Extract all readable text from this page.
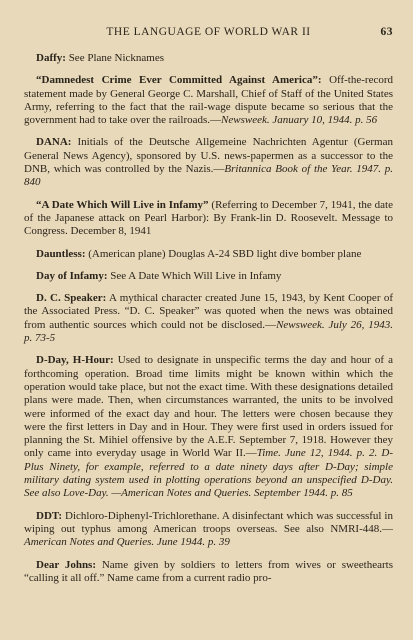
THE LANGUAGE OF WORLD WAR II	63

Daffy: See Plane Nicknames

“Damnedest Crime Ever Committed Against America”: Off-the-record statement made by General George C. Marshall, Chief of Staff of the United States Army, referring to the fact that the rail-wage dispute became so serious that the government had to take over the railroads.—Newsweek. January 10, 1944. p. 56

DANA: Initials of the Deutsche Allgemeine Nachrichten Agentur (German General News Agency), sponsored by U.S. news-papermen as a successor to the DNB, which was controlled by the Nazis.—Britannica Book of the Year. 1947. p. 840

“A Date Which Will Live in Infamy” (Referring to December 7, 1941, the date of the Japanese attack on Pearl Harbor): By Frank-lin D. Roosevelt. Message to Congress. December 8, 1941

Dauntless: (American plane) Douglas A-24 SBD light dive bomber plane

Day of Infamy: See A Date Which Will Live in Infamy

D. C. Speaker: A mythical character created June 15, 1943, by Kent Cooper of the Associated Press. “D. C. Speaker” was quoted when the news was obtained from authentic sources which could not be disclosed.—Newsweek. July 26, 1943. p. 73-5

D-Day, H-Hour: Used to designate in unspecific terms the day and hour of a forthcoming operation. Broad time limits might be known within which the operation would take place, but not the exact time. With these designations detailed plans were made. Then, when circumstances warranted, the units to be involved were informed of the exact day and hour. The letters were chosen because they were the first letters in Day and in Hour. They were first used in orders issued for planning the St. Mihiel offensive by the A.E.F. September 7, 1918. However they only came into everyday usage in World War II.—Time. June 12, 1944. p. 2. D-Plus Ninety, for example, referred to a date ninety days after D-Day; simple military dating system used in plotting operations beyond an unspecified D-Day. See also Love-Day. —American Notes and Queries. September 1944. p. 85

DDT: Dichloro-Diphenyl-Trichlorethane. A disinfectant which was successful in wiping out typhus among American troops overseas. See also NMRI-448.—American Notes and Queries. June 1944. p. 39

Dear Johns: Name given by soldiers to letters from wives or sweethearts “calling it all off.” Name came from a current radio pro-
